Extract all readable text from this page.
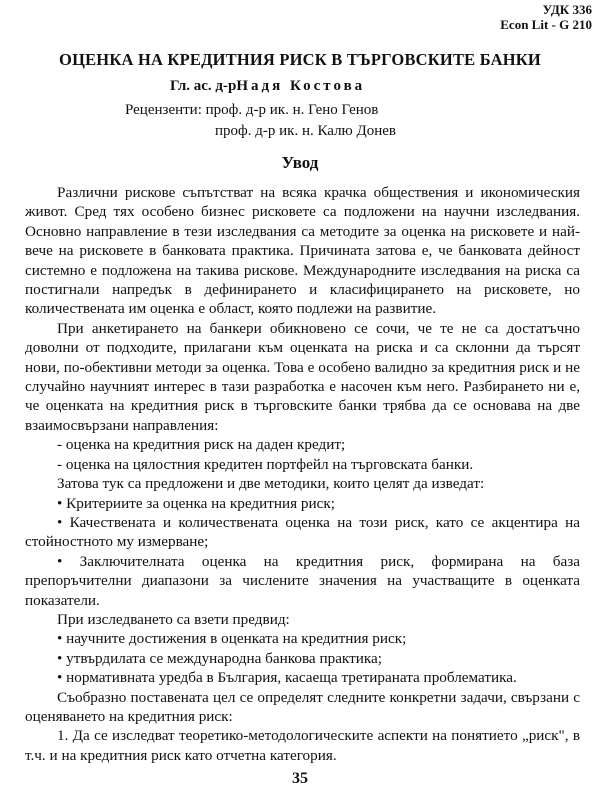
УДК 336
Econ Lit - G 210
ОЦЕНКА НА КРЕДИТНИЯ РИСК В ТЪРГОВСКИТЕ БАНКИ
Гл. ас. д-рНадя Костова
Рецензенти: проф. д-р ик. н. Гено Генов
проф. д-р ик. н. Калю Донев
Увод

Различни рискове съпътстват на всяка крачка обществения и икономическия живот. Сред тях особено бизнес рисковете са подложени на научни изследвания. Основно направление в тези изследвания са методите за оценка на рисковете и най-вече на рисковете в банковата практика. Причината затова е, че банковата дейност системно е подложена на такива рискове. Международните изследвания на риска са постигнали напредък в дефинирането и класифицирането на рисковете, но количествената им оценка е област, която подлежи на развитие.

При анкетирането на банкери обикновено се сочи, че те не са достатъчно доволни от подходите, прилагани към оценката на риска и са склонни да търсят нови, по-обективни методи за оценка. Това е особено валидно за кредитния риск и не случайно научният интерес в тази разработка е насочен към него. Разбирането ни е, че оценката на кредитния риск в търговските банки трябва да се основава на две взаимосвързани направления:

- оценка на кредитния риск на даден кредит;

- оценка на цялостния кредитен портфейл на търговската банки.

Затова тук са предложени и две методики, които целят да изведат:

• Критериите за оценка на кредитния риск;

• Качествената и количествената оценка на този риск, като се акцентира на стойностното му измерване;

• Заключителната оценка на кредитния риск, формирана на база препоръчителни диапазони за числените значения на участващите в оценката показатели.

При изследването са взети предвид:

• научните достижения в оценката на кредитния риск;

• утвърдилата се международна банкова практика;

• нормативната уредба в България, касаеща третираната проблематика.

Съобразно поставената цел се определят следните конкретни задачи, свързани с оценяването на кредитния риск:

1. Да се изследват теоретико-методологическите аспекти на понятието „риск", в т.ч. и на кредитния риск като отчетна категория.

35
